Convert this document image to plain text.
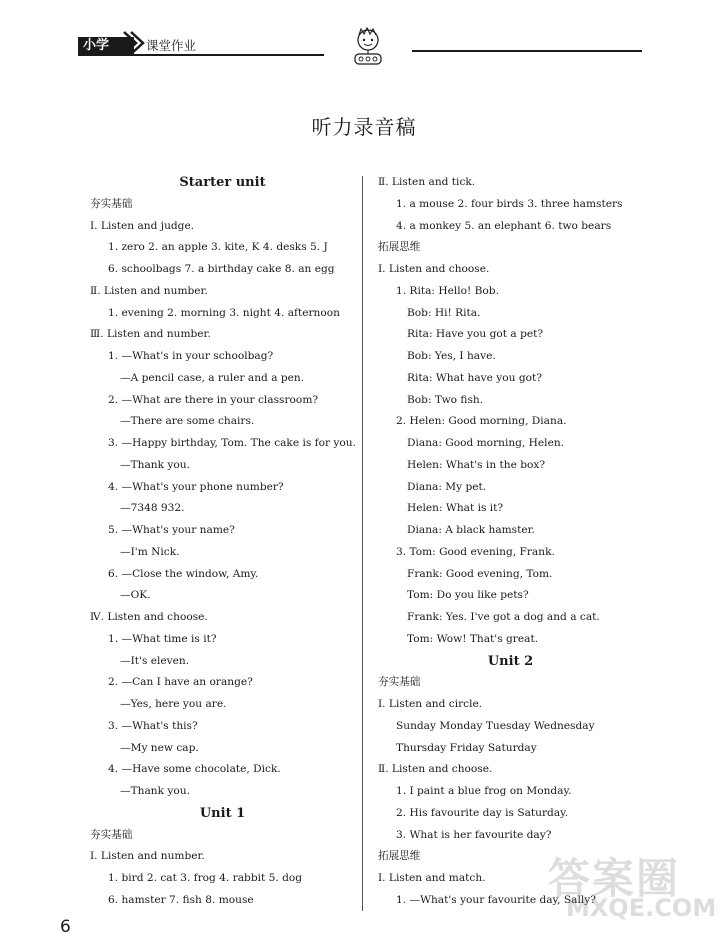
小学	课堂作业
听力录音稿
Starter unit
夯实基础
Ⅰ. Listen and judge.
1. zero 2. an apple 3. kite, K 4. desks 5. J
6. schoolbags 7. a birthday cake 8. an egg
Ⅱ. Listen and number.
1. evening 2. morning 3. night 4. afternoon
Ⅲ. Listen and number.
1. —What's in your schoolbag?
—A pencil case, a ruler and a pen.
2. —What are there in your classroom?
—There are some chairs.
3. —Happy birthday, Tom. The cake is for you.
—Thank you.
4. —What's your phone number?
—7348 932.
5. —What's your name?
—I'm Nick.
6. —Close the window, Amy.
—OK.
Ⅳ. Listen and choose.
1. —What time is it?
—It's eleven.
2. —Can I have an orange?
—Yes, here you are.
3. —What's this?
—My new cap.
4. —Have some chocolate, Dick.
—Thank you.
Unit 1
夯实基础
Ⅰ. Listen and number.
1. bird 2. cat 3. frog 4. rabbit 5. dog
6. hamster 7. fish 8. mouse
Ⅱ. Listen and tick.
1. a mouse 2. four birds 3. three hamsters
4. a monkey 5. an elephant 6. two bears
拓展思维
Ⅰ. Listen and choose.
1. Rita: Hello! Bob.
Bob: Hi! Rita.
Rita: Have you got a pet?
Bob: Yes, I have.
Rita: What have you got?
Bob: Two fish.
2. Helen: Good morning, Diana.
Diana: Good morning, Helen.
Helen: What's in the box?
Diana: My pet.
Helen: What is it?
Diana: A black hamster.
3. Tom: Good evening, Frank.
Frank: Good evening, Tom.
Tom: Do you like pets?
Frank: Yes. I've got a dog and a cat.
Tom: Wow! That's great.
Unit 2
夯实基础
Ⅰ. Listen and circle.
Sunday Monday Tuesday Wednesday
Thursday Friday Saturday
Ⅱ. Listen and choose.
1. I paint a blue frog on Monday.
2. His favourite day is Saturday.
3. What is her favourite day?
拓展思维
Ⅰ. Listen and match.
1. —What's your favourite day, Sally?
6
答案圈
MXQE.COM
